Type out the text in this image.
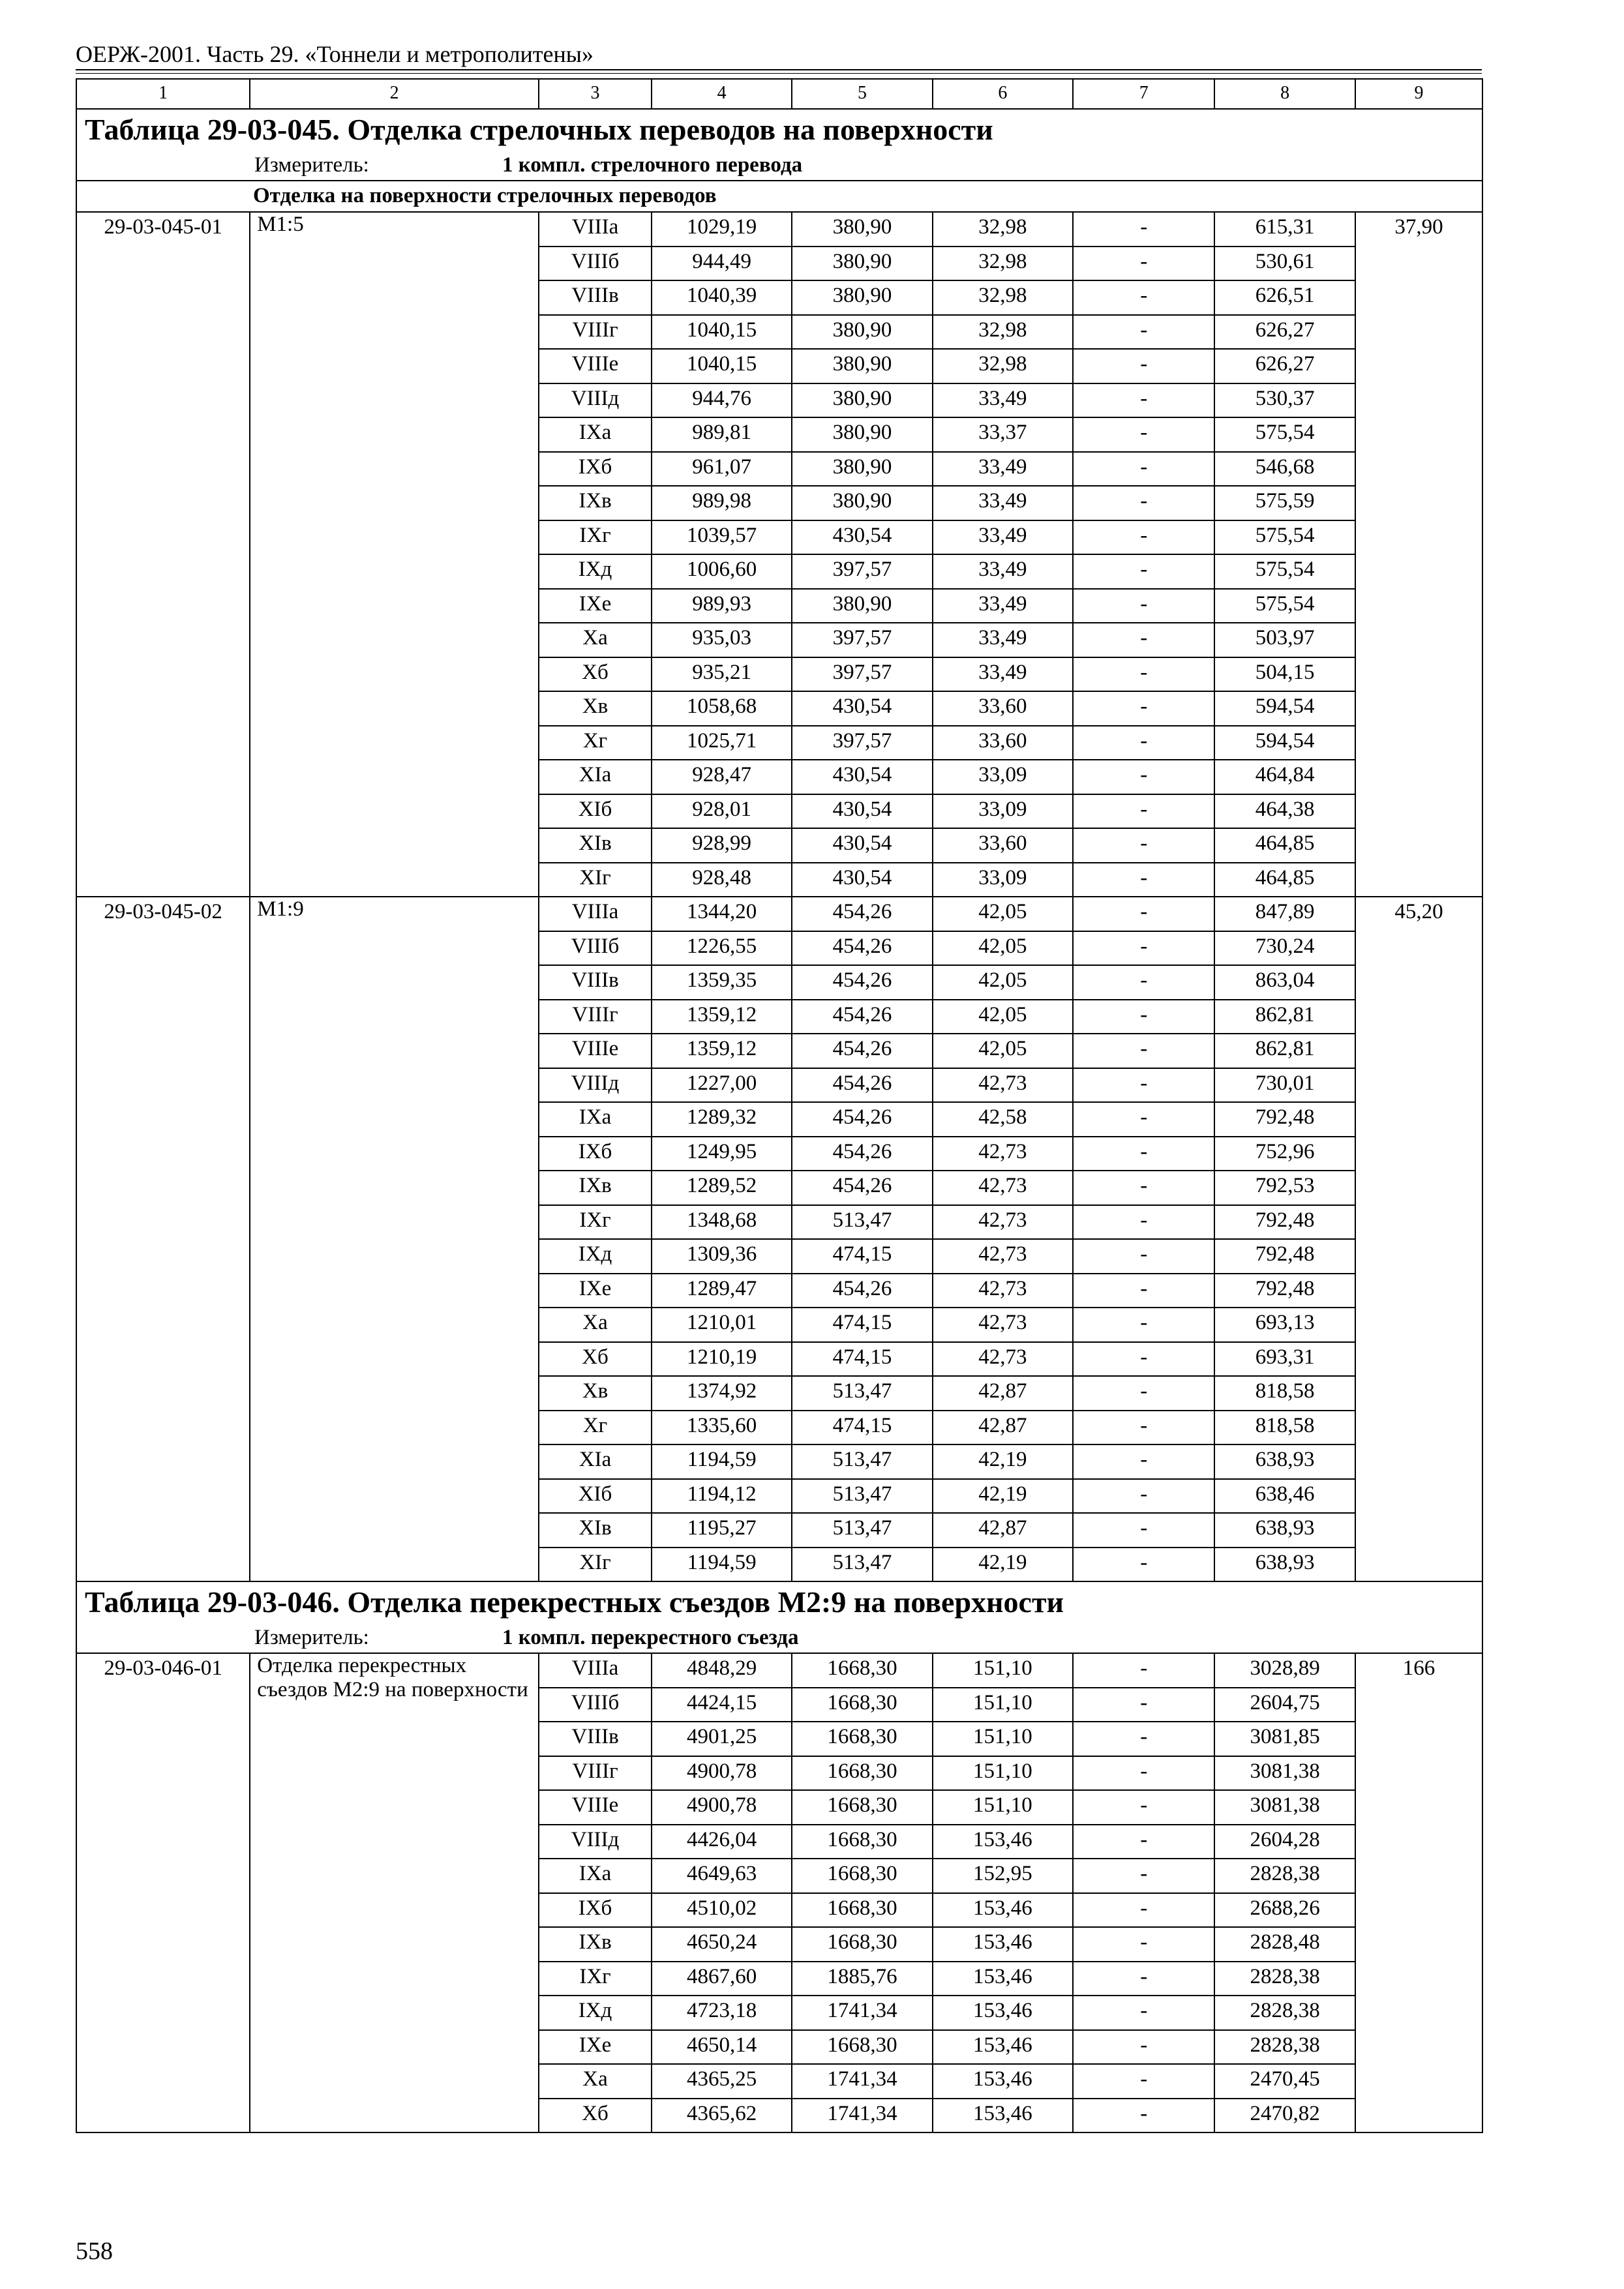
ОЕРЖ-2001. Часть 29. «Тоннели и метрополитены»
1	2	3	4	5	6	7	8	9
Таблица 29-03-045. Отделка стрелочных переводов на поверхности								
Измеритель: 1 компл. стрелочного перевода								
Отделка на поверхности стрелочных переводов								
29-03-045-01	М1:5	VIIIа	1029,19	380,90	32,98	-	615,31	37,90
		VIIIб	944,49	380,90	32,98	-	530,61	
		VIIIв	1040,39	380,90	32,98	-	626,51	
		VIIIг	1040,15	380,90	32,98	-	626,27	
		VIIIе	1040,15	380,90	32,98	-	626,27	
		VIIIд	944,76	380,90	33,49	-	530,37	
		IXа	989,81	380,90	33,37	-	575,54	
		IXб	961,07	380,90	33,49	-	546,68	
		IXв	989,98	380,90	33,49	-	575,59	
		IXг	1039,57	430,54	33,49	-	575,54	
		IXд	1006,60	397,57	33,49	-	575,54	
		IXе	989,93	380,90	33,49	-	575,54	
		Xа	935,03	397,57	33,49	-	503,97	
		Xб	935,21	397,57	33,49	-	504,15	
		Xв	1058,68	430,54	33,60	-	594,54	
		Xг	1025,71	397,57	33,60	-	594,54	
		XIа	928,47	430,54	33,09	-	464,84	
		XIб	928,01	430,54	33,09	-	464,38	
		XIв	928,99	430,54	33,60	-	464,85	
		XIг	928,48	430,54	33,09	-	464,85	
29-03-045-02	М1:9	VIIIа	1344,20	454,26	42,05	-	847,89	45,20
		VIIIб	1226,55	454,26	42,05	-	730,24	
		VIIIв	1359,35	454,26	42,05	-	863,04	
		VIIIг	1359,12	454,26	42,05	-	862,81	
		VIIIе	1359,12	454,26	42,05	-	862,81	
		VIIIд	1227,00	454,26	42,73	-	730,01	
		IXа	1289,32	454,26	42,58	-	792,48	
		IXб	1249,95	454,26	42,73	-	752,96	
		IXв	1289,52	454,26	42,73	-	792,53	
		IXг	1348,68	513,47	42,73	-	792,48	
		IXд	1309,36	474,15	42,73	-	792,48	
		IXе	1289,47	454,26	42,73	-	792,48	
		Xа	1210,01	474,15	42,73	-	693,13	
		Xб	1210,19	474,15	42,73	-	693,31	
		Xв	1374,92	513,47	42,87	-	818,58	
		Xг	1335,60	474,15	42,87	-	818,58	
		XIа	1194,59	513,47	42,19	-	638,93	
		XIб	1194,12	513,47	42,19	-	638,46	
		XIв	1195,27	513,47	42,87	-	638,93	
		XIг	1194,59	513,47	42,19	-	638,93	
Таблица 29-03-046. Отделка перекрестных съездов М2:9 на поверхности								
Измеритель: 1 компл. перекрестного съезда								
29-03-046-01	Отделка перекрестных съездов М2:9 на поверхности	VIIIа	4848,29	1668,30	151,10	-	3028,89	166
		VIIIб	4424,15	1668,30	151,10	-	2604,75	
		VIIIв	4901,25	1668,30	151,10	-	3081,85	
		VIIIг	4900,78	1668,30	151,10	-	3081,38	
		VIIIе	4900,78	1668,30	151,10	-	3081,38	
		VIIIд	4426,04	1668,30	153,46	-	2604,28	
		IXа	4649,63	1668,30	152,95	-	2828,38	
		IXб	4510,02	1668,30	153,46	-	2688,26	
		IXв	4650,24	1668,30	153,46	-	2828,48	
		IXг	4867,60	1885,76	153,46	-	2828,38	
		IXд	4723,18	1741,34	153,46	-	2828,38	
		IXе	4650,14	1668,30	153,46	-	2828,38	
		Xа	4365,25	1741,34	153,46	-	2470,45	
		Xб	4365,62	1741,34	153,46	-	2470,82	
558
